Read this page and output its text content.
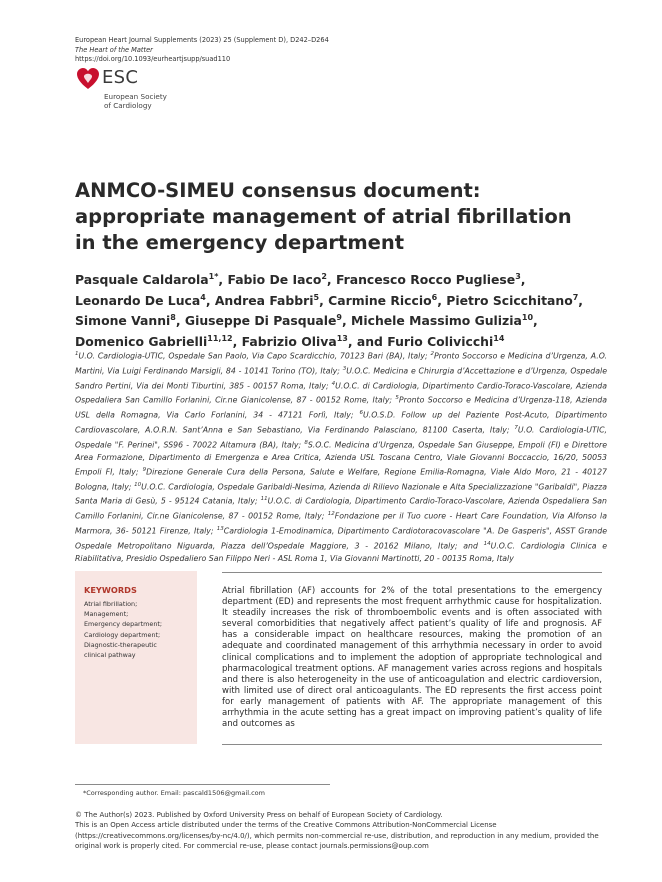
European Heart Journal Supplements (2023) 25 (Supplement D), D242–D264
The Heart of the Matter
https://doi.org/10.1093/eurheartjsupp/suad110
ESC
European Society
of Cardiology
ANMCO-SIMEU consensus document: appropriate management of atrial fibrillation in the emergency department
Pasquale Caldarola$^{1*}$, Fabio De Iaco$^2$, Francesco Rocco Pugliese$^3$, Leonardo De Luca$^4$, Andrea Fabbri$^5$, Carmine Riccio$^6$, Pietro Scicchitano$^7$, Simone Vanni$^8$, Giuseppe Di Pasquale$^9$, Michele Massimo Gulizia$^{10}$, Domenico Gabrielli$^{11,12}$, Fabrizio Oliva$^{13}$, and Furio Colivicchi$^{14}$
$^1$U.O. Cardiologia-UTIC, Ospedale San Paolo, Via Capo Scardicchio, 70123 Bari (BA), Italy; $^2$Pronto Soccorso e Medicina d’Urgenza, A.O. Martini, Via Luigi Ferdinando Marsigli, 84 - 10141 Torino (TO), Italy; $^3$U.O.C. Medicina e Chirurgia d’Accettazione e d’Urgenza, Ospedale Sandro Pertini, Via dei Monti Tiburtini, 385 - 00157 Roma, Italy; $^4$U.O.C. di Cardiologia, Dipartimento Cardio-Toraco-Vascolare, Azienda Ospedaliera San Camillo Forlanini, Cir.ne Gianicolense, 87 - 00152 Rome, Italy; $^5$Pronto Soccorso e Medicina d’Urgenza-118, Azienda USL della Romagna, Via Carlo Forlanini, 34 - 47121 Forlì, Italy; $^6$U.O.S.D. Follow up del Paziente Post-Acuto, Dipartimento Cardiovascolare, A.O.R.N. Sant’Anna e San Sebastiano, Via Ferdinando Palasciano, 81100 Caserta, Italy; $^7$U.O. Cardiologia-UTIC, Ospedale "F. Perinei", SS96 - 70022 Altamura (BA), Italy; $^8$S.O.C. Medicina d’Urgenza, Ospedale San Giuseppe, Empoli (FI) e Direttore Area Formazione, Dipartimento di Emergenza e Area Critica, Azienda USL Toscana Centro, Viale Giovanni Boccaccio, 16/20, 50053 Empoli FI, Italy; $^9$Direzione Generale Cura della Persona, Salute e Welfare, Regione Emilia-Romagna, Viale Aldo Moro, 21 - 40127 Bologna, Italy; $^{10}$U.O.C. Cardiologia, Ospedale Garibaldi-Nesima, Azienda di Rilievo Nazionale e Alta Specializzazione "Garibaldi", Piazza Santa Maria di Gesù, 5 - 95124 Catania, Italy; $^{11}$U.O.C. di Cardiologia, Dipartimento Cardio-Toraco-Vascolare, Azienda Ospedaliera San Camillo Forlanini, Cir.ne Gianicolense, 87 - 00152 Rome, Italy; $^{12}$Fondazione per il Tuo cuore - Heart Care Foundation, Via Alfonso la Marmora, 36- 50121 Firenze, Italy; $^{13}$Cardiologia 1-Emodinamica, Dipartimento Cardiotoracovascolare "A. De Gasperis", ASST Grande Ospedale Metropolitano Niguarda, Piazza dell’Ospedale Maggiore, 3 - 20162 Milano, Italy; and $^{14}$U.O.C. Cardiologia Clinica e Riabilitativa, Presidio Ospedaliero San Filippo Neri - ASL Roma 1, Via Giovanni Martinotti, 20 - 00135 Roma, Italy
KEYWORDS
Atrial fibrillation;
Management;
Emergency department;
Cardiology department;
Diagnostic-therapeutic
clinical pathway
Atrial fibrillation (AF) accounts for 2% of the total presentations to the emergency department (ED) and represents the most frequent arrhythmic cause for hospitalization. It steadily increases the risk of thromboembolic events and is often associated with several comorbidities that negatively affect patient’s quality of life and prognosis. AF has a considerable impact on healthcare resources, making the promotion of an adequate and coordinated management of this arrhythmia necessary in order to avoid clinical complications and to implement the adoption of appropriate technological and pharmacological treatment options. AF management varies across regions and hospitals and there is also heterogeneity in the use of anticoagulation and electric cardioversion, with limited use of direct oral anticoagulants. The ED represents the first access point for early management of patients with AF. The appropriate management of this arrhythmia in the acute setting has a great impact on improving patient’s quality of life and outcomes as
*Corresponding author. Email: pascald1506@gmail.com
© The Author(s) 2023. Published by Oxford University Press on behalf of European Society of Cardiology.
This is an Open Access article distributed under the terms of the Creative Commons Attribution-NonCommercial License (https://creativecommons.org/licenses/by-nc/4.0/), which permits non-commercial re-use, distribution, and reproduction in any medium, provided the original work is properly cited. For commercial re-use, please contact journals.permissions@oup.com
